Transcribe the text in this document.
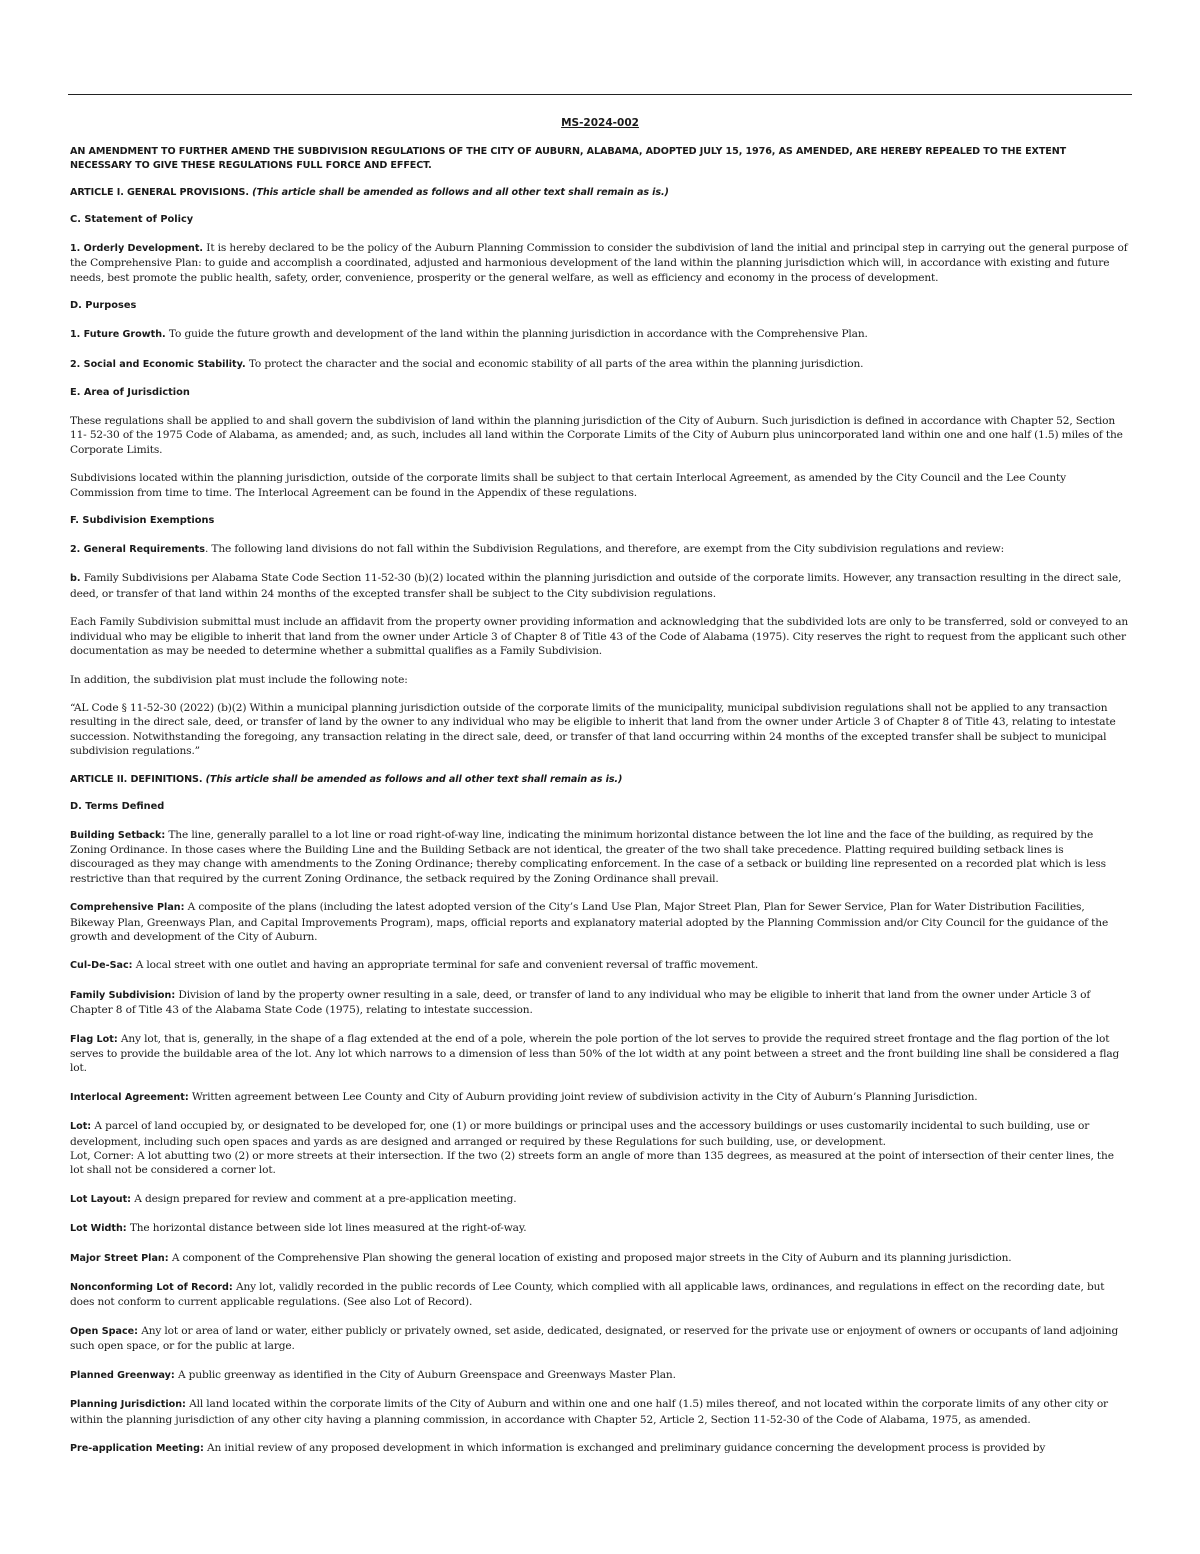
MS-2024-002

AN AMENDMENT TO FURTHER AMEND THE SUBDIVISION REGULATIONS OF THE CITY OF AUBURN, ALABAMA, ADOPTED JULY 15, 1976, AS AMENDED, ARE HEREBY REPEALED TO THE EXTENT NECESSARY TO GIVE THESE REGULATIONS FULL FORCE AND EFFECT.

ARTICLE I. GENERAL PROVISIONS. (This article shall be amended as follows and all other text shall remain as is.)

C. Statement of Policy

1. Orderly Development. It is hereby declared to be the policy of the Auburn Planning Commission to consider the subdivision of land the initial and principal step in carrying out the general purpose of the Comprehensive Plan: to guide and accomplish a coordinated, adjusted and harmonious development of the land within the planning jurisdiction which will, in accordance with existing and future needs, best promote the public health, safety, order, convenience, prosperity or the general welfare, as well as efficiency and economy in the process of development.

D. Purposes

1. Future Growth. To guide the future growth and development of the land within the planning jurisdiction in accordance with the Comprehensive Plan.

2. Social and Economic Stability. To protect the character and the social and economic stability of all parts of the area within the planning jurisdiction.

E. Area of Jurisdiction

These regulations shall be applied to and shall govern the subdivision of land within the planning jurisdiction of the City of Auburn. Such jurisdiction is defined in accordance with Chapter 52, Section 11- 52-30 of the 1975 Code of Alabama, as amended; and, as such, includes all land within the Corporate Limits of the City of Auburn plus unincorporated land within one and one half (1.5) miles of the Corporate Limits.

Subdivisions located within the planning jurisdiction, outside of the corporate limits shall be subject to that certain Interlocal Agreement, as amended by the City Council and the Lee County Commission from time to time. The Interlocal Agreement can be found in the Appendix of these regulations.

F. Subdivision Exemptions

2. General Requirements. The following land divisions do not fall within the Subdivision Regulations, and therefore, are exempt from the City subdivision regulations and review:

b. Family Subdivisions per Alabama State Code Section 11-52-30 (b)(2) located within the planning jurisdiction and outside of the corporate limits. However, any transaction resulting in the direct sale, deed, or transfer of that land within 24 months of the excepted transfer shall be subject to the City subdivision regulations.

Each Family Subdivision submittal must include an affidavit from the property owner providing information and acknowledging that the subdivided lots are only to be transferred, sold or conveyed to an individual who may be eligible to inherit that land from the owner under Article 3 of Chapter 8 of Title 43 of the Code of Alabama (1975). City reserves the right to request from the applicant such other documentation as may be needed to determine whether a submittal qualifies as a Family Subdivision.

In addition, the subdivision plat must include the following note:

“AL Code § 11-52-30 (2022) (b)(2) Within a municipal planning jurisdiction outside of the corporate limits of the municipality, municipal subdivision regulations shall not be applied to any transaction resulting in the direct sale, deed, or transfer of land by the owner to any individual who may be eligible to inherit that land from the owner under Article 3 of Chapter 8 of Title 43, relating to intestate succession. Notwithstanding the foregoing, any transaction relating in the direct sale, deed, or transfer of that land occurring within 24 months of the excepted transfer shall be subject to municipal subdivision regulations.”

ARTICLE II. DEFINITIONS. (This article shall be amended as follows and all other text shall remain as is.)

D. Terms Defined

Building Setback: The line, generally parallel to a lot line or road right-of-way line, indicating the minimum horizontal distance between the lot line and the face of the building, as required by the Zoning Ordinance. In those cases where the Building Line and the Building Setback are not identical, the greater of the two shall take precedence. Platting required building setback lines is discouraged as they may change with amendments to the Zoning Ordinance; thereby complicating enforcement. In the case of a setback or building line represented on a recorded plat which is less restrictive than that required by the current Zoning Ordinance, the setback required by the Zoning Ordinance shall prevail.

Comprehensive Plan: A composite of the plans (including the latest adopted version of the City’s Land Use Plan, Major Street Plan, Plan for Sewer Service, Plan for Water Distribution Facilities, Bikeway Plan, Greenways Plan, and Capital Improvements Program), maps, official reports and explanatory material adopted by the Planning Commission and/or City Council for the guidance of the growth and development of the City of Auburn.

Cul-De-Sac: A local street with one outlet and having an appropriate terminal for safe and convenient reversal of traffic movement.

Family Subdivision: Division of land by the property owner resulting in a sale, deed, or transfer of land to any individual who may be eligible to inherit that land from the owner under Article 3 of Chapter 8 of Title 43 of the Alabama State Code (1975), relating to intestate succession.

Flag Lot: Any lot, that is, generally, in the shape of a flag extended at the end of a pole, wherein the pole portion of the lot serves to provide the required street frontage and the flag portion of the lot serves to provide the buildable area of the lot. Any lot which narrows to a dimension of less than 50% of the lot width at any point between a street and the front building line shall be considered a flag lot.

Interlocal Agreement: Written agreement between Lee County and City of Auburn providing joint review of subdivision activity in the City of Auburn’s Planning Jurisdiction.

Lot: A parcel of land occupied by, or designated to be developed for, one (1) or more buildings or principal uses and the accessory buildings or uses customarily incidental to such building, use or development, including such open spaces and yards as are designed and arranged or required by these Regulations for such building, use, or development.
Lot, Corner: A lot abutting two (2) or more streets at their intersection. If the two (2) streets form an angle of more than 135 degrees, as measured at the point of intersection of their center lines, the lot shall not be considered a corner lot.

Lot Layout: A design prepared for review and comment at a pre-application meeting.

Lot Width: The horizontal distance between side lot lines measured at the right-of-way.

Major Street Plan: A component of the Comprehensive Plan showing the general location of existing and proposed major streets in the City of Auburn and its planning jurisdiction.

Nonconforming Lot of Record: Any lot, validly recorded in the public records of Lee County, which complied with all applicable laws, ordinances, and regulations in effect on the recording date, but does not conform to current applicable regulations. (See also Lot of Record).

Open Space: Any lot or area of land or water, either publicly or privately owned, set aside, dedicated, designated, or reserved for the private use or enjoyment of owners or occupants of land adjoining such open space, or for the public at large.

Planned Greenway: A public greenway as identified in the City of Auburn Greenspace and Greenways Master Plan.

Planning Jurisdiction: All land located within the corporate limits of the City of Auburn and within one and one half (1.5) miles thereof, and not located within the corporate limits of any other city or within the planning jurisdiction of any other city having a planning commission, in accordance with Chapter 52, Article 2, Section 11-52-30 of the Code of Alabama, 1975, as amended.

Pre-application Meeting: An initial review of any proposed development in which information is exchanged and preliminary guidance concerning the development process is provided by
